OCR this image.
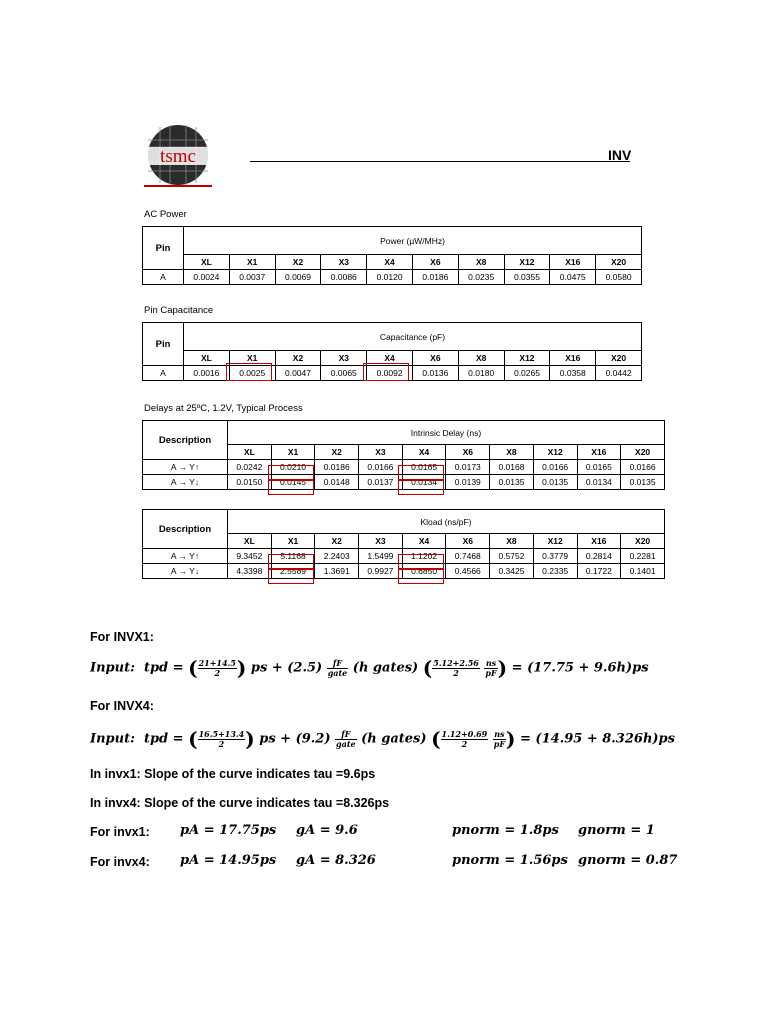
tsmc	INV
AC Power
Pin	Power (µW/MHz)									
	XL	X1	X2	X3	X4	X6	X8	X12	X16	X20
A	0.0024	0.0037	0.0069	0.0086	0.0120	0.0186	0.0235	0.0355	0.0475	0.0580
Pin Capacitance
Pin	Capacitance (pF)									
	XL	X1	X2	X3	X4	X6	X8	X12	X16	X20
A	0.0016	0.0025	0.0047	0.0065	0.0092	0.0136	0.0180	0.0265	0.0358	0.0442
Delays at 25ºC, 1.2V, Typical Process
Description	Intrinsic Delay (ns)									
	XL	X1	X2	X3	X4	X6	X8	X12	X16	X20
A → Y↑	0.0242	0.0210	0.0186	0.0166	0.0165	0.0173	0.0168	0.0166	0.0165	0.0166
A → Y↓	0.0150	0.0145	0.0148	0.0137	0.0134	0.0139	0.0135	0.0135	0.0134	0.0135
Description	Kload (ns/pF)									
	XL	X1	X2	X3	X4	X6	X8	X12	X16	X20
A → Y↑	9.3452	5.1168	2.2403	1.5499	1.1202	0.7468	0.5752	0.3779	0.2814	0.2281
A → Y↓	4.3398	2.5589	1.3691	0.9927	0.6850	0.4566	0.3425	0.2335	0.1722	0.1401
For INVX1:
Input: tpd = ( $\frac{21+14.5}{2}$ ) ps + $(2.5) \frac{fF}{\text{gate}} (h$ gates) ( $\frac{5.12+2.56}{2}$
$\frac{ns}{pF}$ ) = (17.75 + 9.6h)ps
For INVX4:
Input: tpd = ( $\frac{16.5+13.4}{2}$ ) ps + $(9.2) \frac{fF}{\text{gate}} (h$ gates) ( $\frac{1.12+0.69}{2}$
$\frac{ns}{pF}$ ) = (14.95 + 8.326h)ps
In invx1: Slope of the curve indicates tau =9.6ps
In invx4: Slope of the curve indicates tau =8.326ps
For invx1: pA = 17.75ps gA = 9.6	pnorm = 1.8ps gnorm = 1
For invx4: pA = 14.95ps gA = 8.326	pnorm = 1.56ps gnorm = 0.87
